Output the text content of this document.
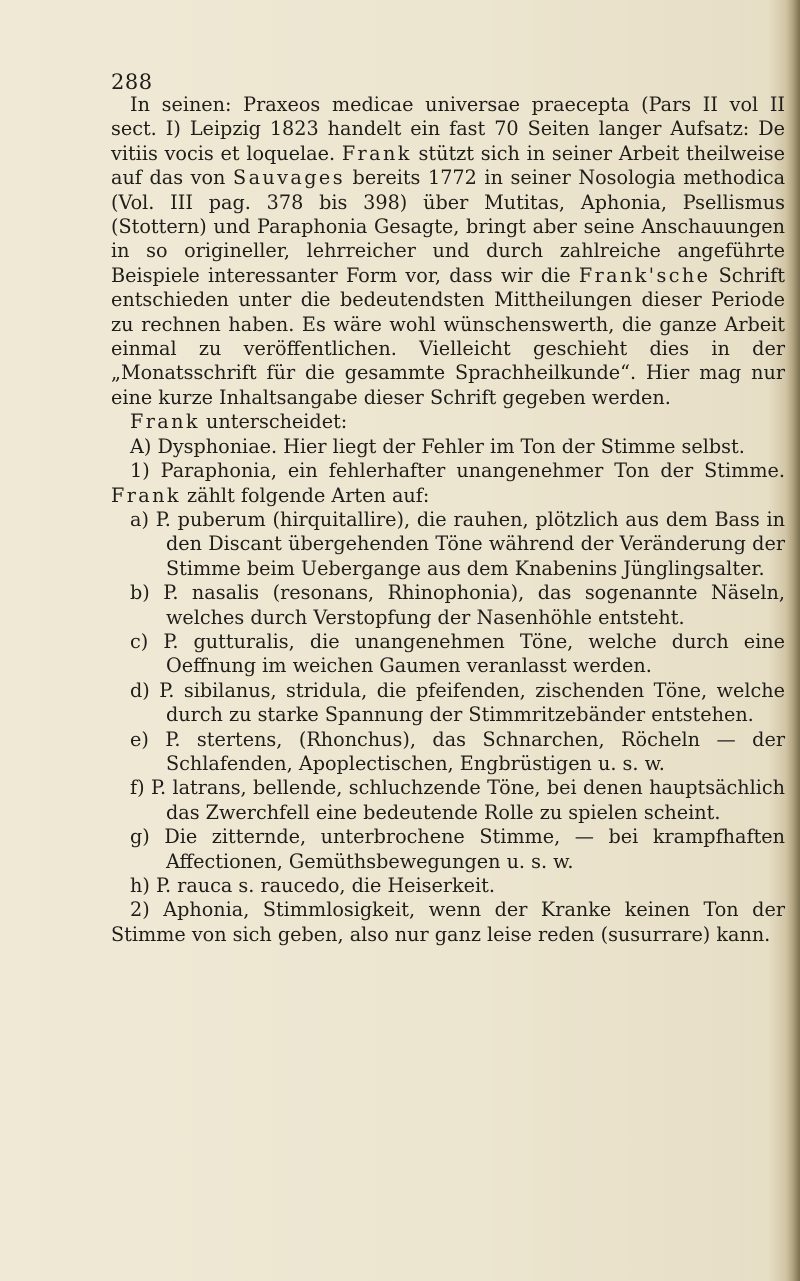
288

In seinen: Praxeos medicae universae praecepta (Pars II vol II sect. I) Leipzig 1823 handelt ein fast 70 Seiten langer Aufsatz: De vitiis vocis et loquelae. Frank stützt sich in seiner Arbeit theilweise auf das von Sauvages bereits 1772 in seiner Nosologia methodica (Vol. III pag. 378 bis 398) über Mutitas, Aphonia, Psellismus (Stottern) und Paraphonia Gesagte, bringt aber seine Anschauungen in so origineller, lehrreicher und durch zahlreiche angeführte Beispiele interessanter Form vor, dass wir die Frank'sche Schrift entschieden unter die bedeutendsten Mittheilungen dieser Periode zu rechnen haben. Es wäre wohl wünschenswerth, die ganze Arbeit einmal zu veröffentlichen. Vielleicht geschieht dies in der „Monatsschrift für die gesammte Sprachheilkunde“. Hier mag nur eine kurze Inhaltsangabe dieser Schrift gegeben werden.

Frank unterscheidet:

A) Dysphoniae. Hier liegt der Fehler im Ton der Stimme selbst.

1) Paraphonia, ein fehlerhafter unangenehmer Ton der Stimme. Frank zählt folgende Arten auf:

a) P. puberum (hirquitallire), die rauhen, plötzlich aus dem Bass in den Discant übergehenden Töne während der Veränderung der Stimme beim Uebergange aus dem Knabenins Jünglingsalter.

b) P. nasalis (resonans, Rhinophonia), das sogenannte Näseln, welches durch Verstopfung der Nasenhöhle entsteht.

c) P. gutturalis, die unangenehmen Töne, welche durch eine Oeffnung im weichen Gaumen veranlasst werden.

d) P. sibilanus, stridula, die pfeifenden, zischenden Töne, welche durch zu starke Spannung der Stimmritzebänder entstehen.

e) P. stertens, (Rhonchus), das Schnarchen, Röcheln — der Schlafenden, Apoplectischen, Engbrüstigen u. s. w.

f) P. latrans, bellende, schluchzende Töne, bei denen hauptsächlich das Zwerchfell eine bedeutende Rolle zu spielen scheint.

g) Die zitternde, unterbrochene Stimme, — bei krampfhaften Affectionen, Gemüthsbewegungen u. s. w.

h) P. rauca s. raucedo, die Heiserkeit.

2) Aphonia, Stimmlosigkeit, wenn der Kranke keinen Ton der Stimme von sich geben, also nur ganz leise reden (susurrare) kann.
